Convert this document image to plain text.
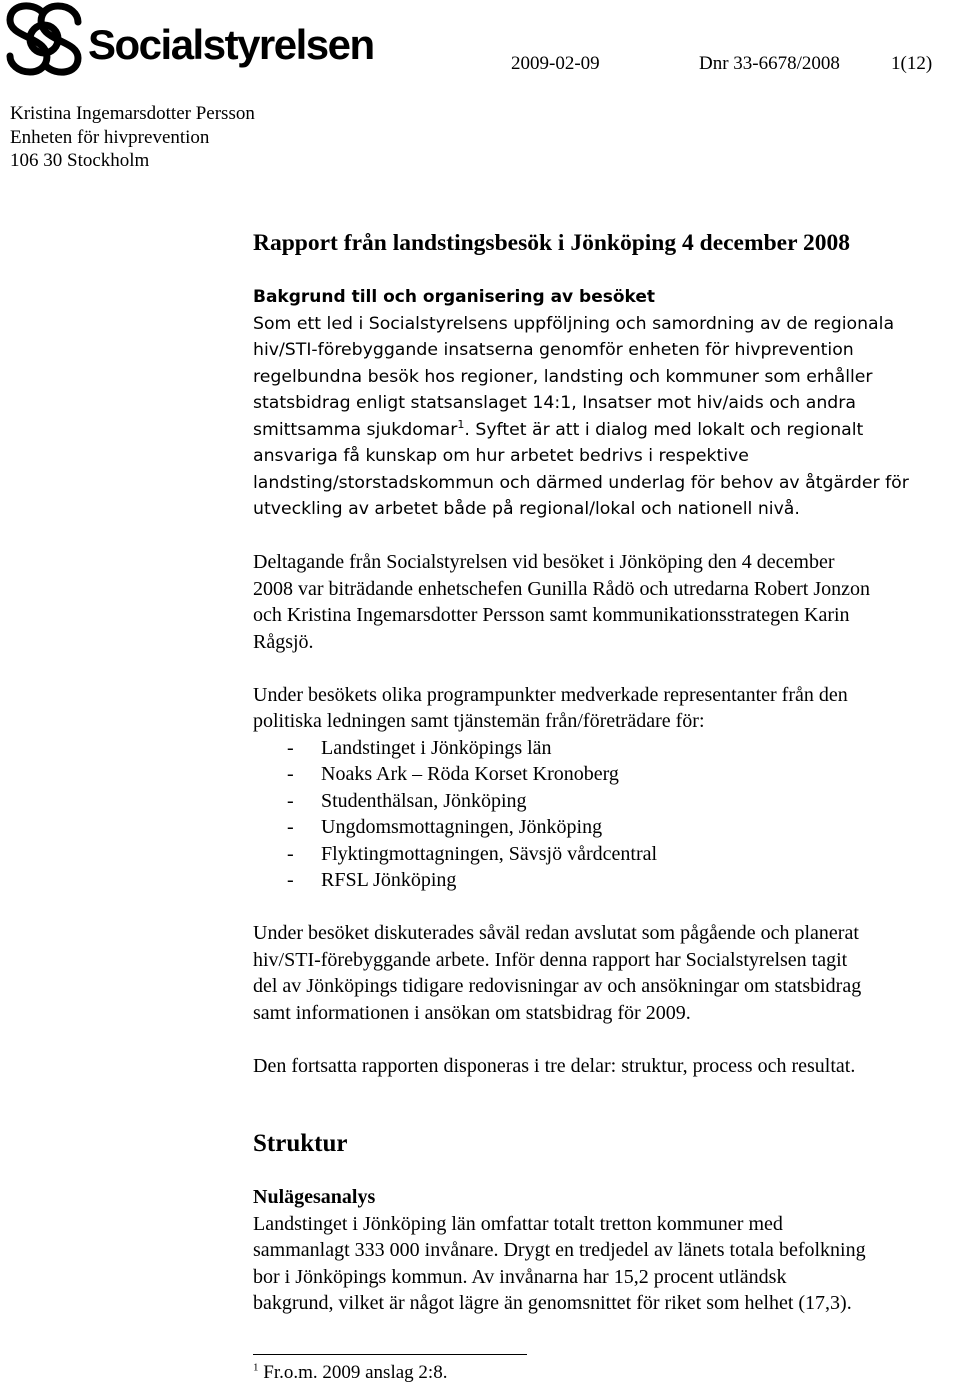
Socialstyrelsen	2009-02-09	Dnr 33-6678/2008	1(12)
Kristina Ingemarsdotter Persson
Enheten för hivprevention
106 30 Stockholm
Rapport från landstingsbesök i Jönköping 4 december 2008
Bakgrund till och organisering av besöket

Som ett led i Socialstyrelsens uppföljning och samordning av de regionala
hiv/STI-förebyggande insatserna genomför enheten för hivprevention
regelbundna besök hos regioner, landsting och kommuner som erhåller
statsbidrag enligt statsanslaget 14:1, Insatser mot hiv/aids och andra
smittsamma sjukdomar$^1$. Syftet är att i dialog med lokalt och regionalt
ansvariga få kunskap om hur arbetet bedrivs i respektive
landsting/storstadskommun och därmed underlag för behov av åtgärder för
utveckling av arbetet både på regional/lokal och nationell nivå.

Deltagande från Socialstyrelsen vid besöket i Jönköping den 4 december
2008 var biträdande enhetschefen Gunilla Rådö och utredarna Robert Jonzon
och Kristina Ingemarsdotter Persson samt kommunikationsstrategen Karin
Rågsjö.

Under besökets olika programpunkter medverkade representanter från den
politiska ledningen samt tjänstemän från/företrädare för:

- Landstinget i Jönköpings län
- Noaks Ark – Röda Korset Kronoberg
- Studenthälsan, Jönköping
- Ungdomsmottagningen, Jönköping
- Flyktingmottagningen, Sävsjö vårdcentral
- RFSL Jönköping

Under besöket diskuterades såväl redan avslutat som pågående och planerat
hiv/STI-förebyggande arbete. Inför denna rapport har Socialstyrelsen tagit
del av Jönköpings tidigare redovisningar av och ansökningar om statsbidrag
samt informationen i ansökan om statsbidrag för 2009.

Den fortsatta rapporten disponeras i tre delar: struktur, process och resultat.

Struktur
Nulägesanalys

Landstinget i Jönköping län omfattar totalt tretton kommuner med
sammanlagt 333 000 invånare. Drygt en tredjedel av länets totala befolkning
bor i Jönköpings kommun. Av invånarna har 15,2 procent utländsk
bakgrund, vilket är något lägre än genomsnittet för riket som helhet (17,3).

$^1$ Fr.o.m. 2009 anslag 2:8.
